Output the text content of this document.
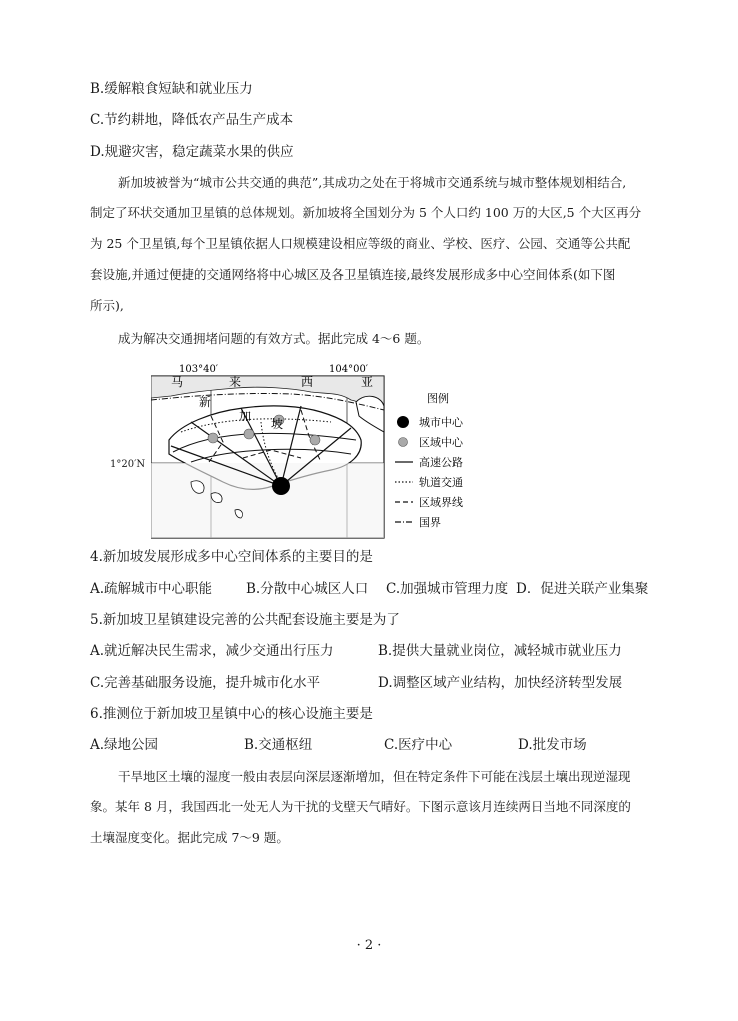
B.缓解粮食短缺和就业压力
C.节约耕地，降低农产品生产成本
D.规避灾害，稳定蔬菜水果的供应
新加坡被誉为“城市公共交通的典范”,其成功之处在于将城市交通系统与城市整体规划相结合,
制定了环状交通加卫星镇的总体规划。新加坡将全国划分为 5 个人口约 100 万的大区,5 个大区再分
为 25 个卫星镇,每个卫星镇依据人口规模建设相应等级的商业、学校、医疗、公园、交通等公共配
套设施,并通过便捷的交通网络将中心城区及各卫星镇连接,最终发展形成多中心空间体系(如下图
所示),
成为解决交通拥堵问题的有效方式。据此完成 4～6 题。
103°40′	104°00′
马	来	西	亚
新
加
坡
图例
城市中心
区域中心
高速公路
轨道交通
区域界线
国界
1°20′N
4.新加坡发展形成多中心空间体系的主要目的是
A.疏解城市中心职能	B.分散中心城区人口 C.加强城市管理力度 D．促进关联产业集聚
5.新加坡卫星镇建设完善的公共配套设施主要是为了
A.就近解决民生需求，减少交通出行压力	B.提供大量就业岗位，减轻城市就业压力
C.完善基础服务设施，提升城市化水平	D.调整区域产业结构，加快经济转型发展
6.推测位于新加坡卫星镇中心的核心设施主要是
A.绿地公园	B.交通枢纽	C.医疗中心	D.批发市场
干旱地区土壤的湿度一般由表层向深层逐渐增加，但在特定条件下可能在浅层土壤出现逆湿现
象。某年 8 月，我国西北一处无人为干扰的戈壁天气晴好。下图示意该月连续两日当地不同深度的
土壤湿度变化。据此完成 7～9 题。
· 2 ·
